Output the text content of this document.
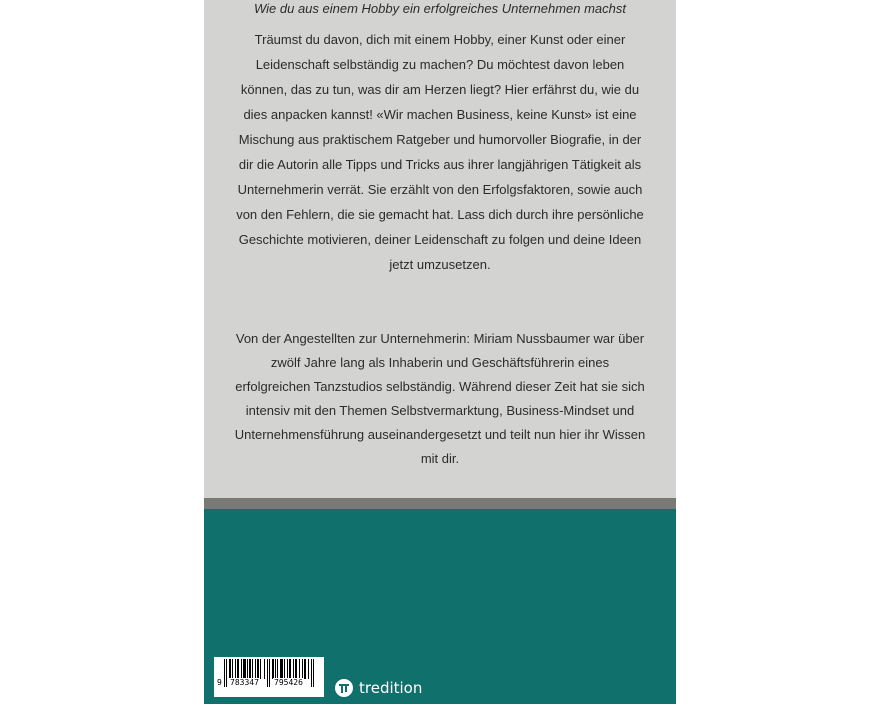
Wie du aus einem Hobby ein erfolgreiches Unternehmen machst
Träumst du davon, dich mit einem Hobby, einer Kunst oder einer Leidenschaft selbständig zu machen? Du möchtest davon leben können, das zu tun, was dir am Herzen liegt? Hier erfährst du, wie du dies anpacken kannst! «Wir machen Business, keine Kunst» ist eine Mischung aus praktischem Ratgeber und humorvoller Biografie, in der dir die Autorin alle Tipps und Tricks aus ihrer langjährigen Tätigkeit als Unternehmerin verrät. Sie erzählt von den Erfolgsfaktoren, sowie auch von den Fehlern, die sie gemacht hat. Lass dich durch ihre persönliche Geschichte motivieren, deiner Leidenschaft zu folgen und deine Ideen jetzt umzusetzen.
Von der Angestellten zur Unternehmerin: Miriam Nussbaumer war über zwölf Jahre lang als Inhaberin und Geschäftsführerin eines erfolgreichen Tanzstudios selbständig. Während dieser Zeit hat sie sich intensiv mit den Themen Selbstvermarktung, Business-Mindset und Unternehmensführung auseinandergesetzt und teilt nun hier ihr Wissen mit dir.
9 783347 795426	tredition
